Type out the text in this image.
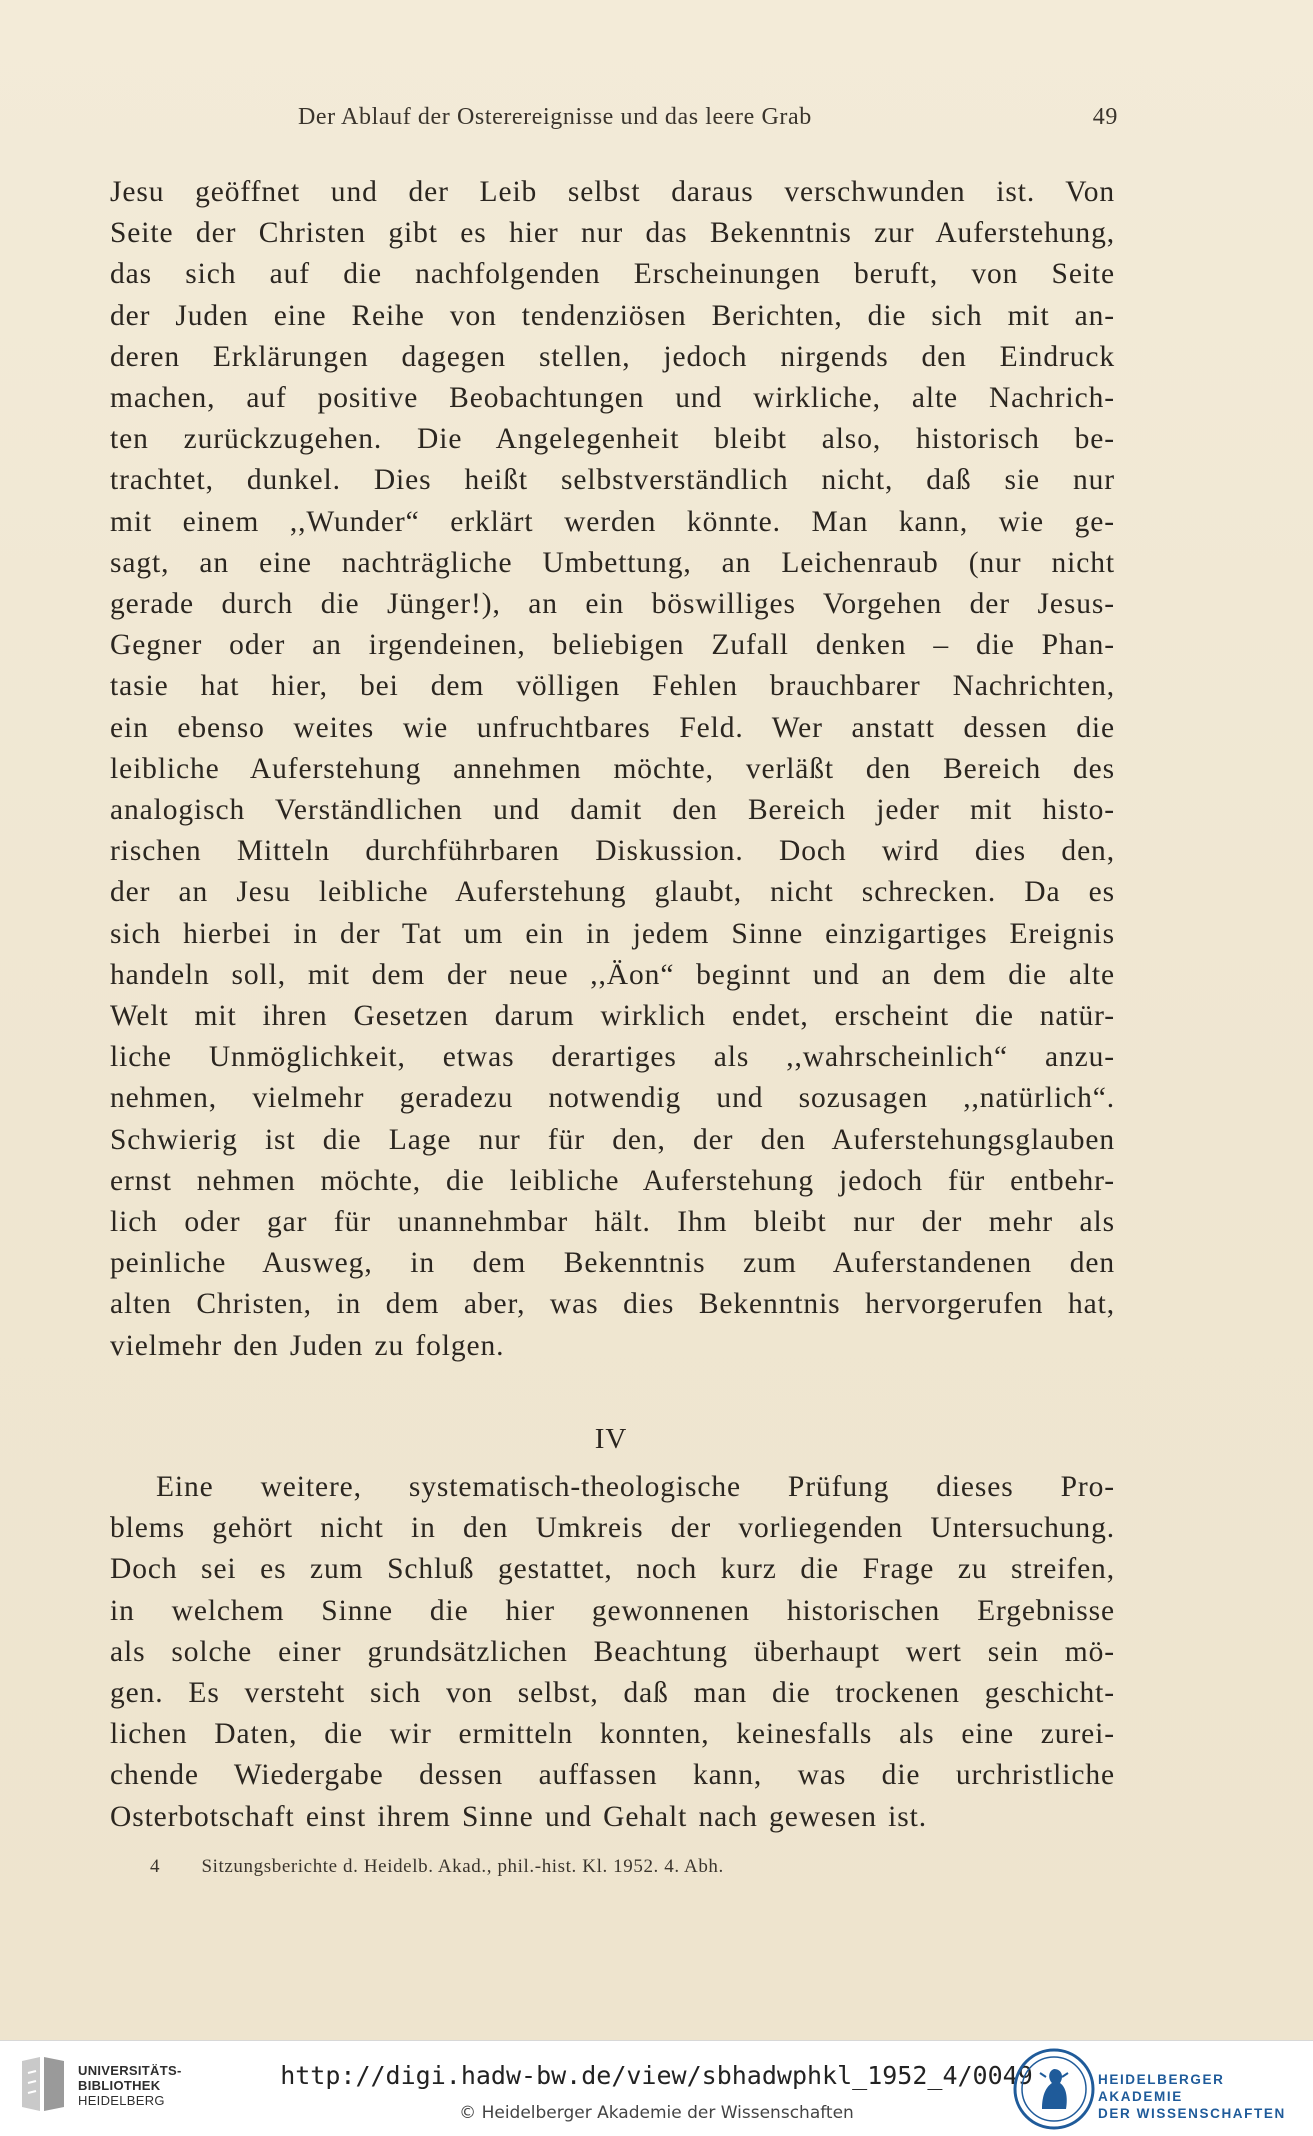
Der Ablauf der Osterereignisse und das leere Grab	49
Jesu geöffnet und der Leib selbst daraus verschwunden ist. Von
Seite der Christen gibt es hier nur das Bekenntnis zur Auferstehung,
das sich auf die nachfolgenden Erscheinungen beruft, von Seite
der Juden eine Reihe von tendenziösen Berichten, die sich mit an-
deren Erklärungen dagegen stellen, jedoch nirgends den Eindruck
machen, auf positive Beobachtungen und wirkliche, alte Nachrich-
ten zurückzugehen. Die Angelegenheit bleibt also, historisch be-
trachtet, dunkel. Dies heißt selbstverständlich nicht, daß sie nur
mit einem ,,Wunder“ erklärt werden könnte. Man kann, wie ge-
sagt, an eine nachträgliche Umbettung, an Leichenraub (nur nicht
gerade durch die Jünger!), an ein böswilliges Vorgehen der Jesus-
Gegner oder an irgendeinen, beliebigen Zufall denken – die Phan-
tasie hat hier, bei dem völligen Fehlen brauchbarer Nachrichten,
ein ebenso weites wie unfruchtbares Feld. Wer anstatt dessen die
leibliche Auferstehung annehmen möchte, verläßt den Bereich des
analogisch Verständlichen und damit den Bereich jeder mit histo-
rischen Mitteln durchführbaren Diskussion. Doch wird dies den,
der an Jesu leibliche Auferstehung glaubt, nicht schrecken. Da es
sich hierbei in der Tat um ein in jedem Sinne einzigartiges Ereignis
handeln soll, mit dem der neue ,,Äon“ beginnt und an dem die alte
Welt mit ihren Gesetzen darum wirklich endet, erscheint die natür-
liche Unmöglichkeit, etwas derartiges als ,,wahrscheinlich“ anzu-
nehmen, vielmehr geradezu notwendig und sozusagen ,,natürlich“.
Schwierig ist die Lage nur für den, der den Auferstehungsglauben
ernst nehmen möchte, die leibliche Auferstehung jedoch für entbehr-
lich oder gar für unannehmbar hält. Ihm bleibt nur der mehr als
peinliche Ausweg, in dem Bekenntnis zum Auferstandenen den
alten Christen, in dem aber, was dies Bekenntnis hervorgerufen hat,
vielmehr den Juden zu folgen.
IV
Eine weitere, systematisch-theologische Prüfung dieses Pro-
blems gehört nicht in den Umkreis der vorliegenden Untersuchung.
Doch sei es zum Schluß gestattet, noch kurz die Frage zu streifen,
in welchem Sinne die hier gewonnenen historischen Ergebnisse
als solche einer grundsätzlichen Beachtung überhaupt wert sein mö-
gen. Es versteht sich von selbst, daß man die trockenen geschicht-
lichen Daten, die wir ermitteln konnten, keinesfalls als eine zurei-
chende Wiedergabe dessen auffassen kann, was die urchristliche
Osterbotschaft einst ihrem Sinne und Gehalt nach gewesen ist.
4 Sitzungsberichte d. Heidelb. Akad., phil.-hist. Kl. 1952. 4. Abh.
UNIVERSITÄTS-
BIBLIOTHEK
HEIDELBERG
http://digi.hadw-bw.de/view/sbhadwphkl_1952_4/0049
© Heidelberger Akademie der Wissenschaften
HEIDELBERGER AKADEMIE
DER WISSENSCHAFTEN
